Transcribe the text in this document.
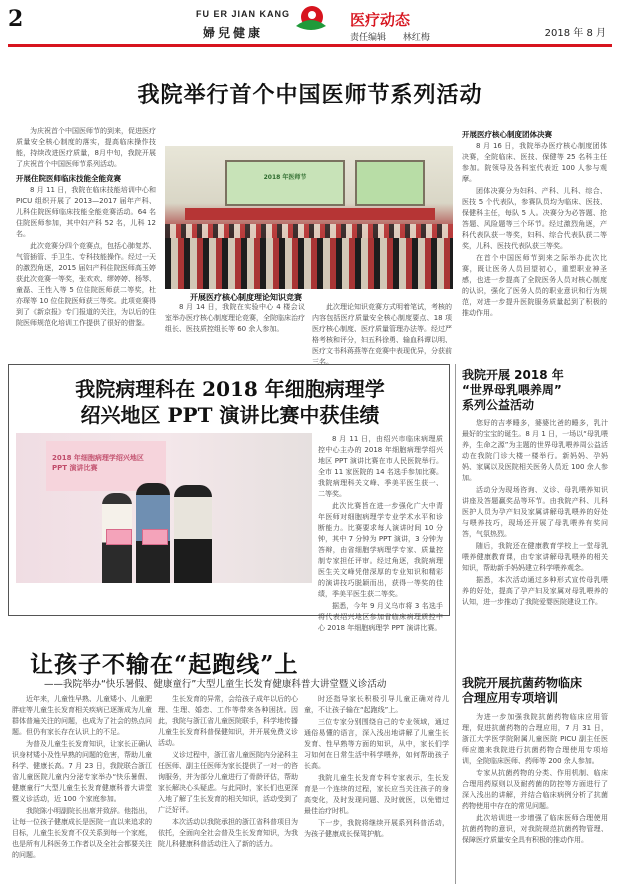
2	FU ER JIAN KANG
婦兒健康
医疗动态
责任编辑 林红梅	2018 年 8 月
我院举行首个中国医师节系列活动

为庆祝首个中国医师节的到来，促进医疗质量安全核心制度的落实，提高临床操作技能，持续改进医疗质量，8月中旬，我院开展了庆祝首个中国医师节系列活动。

开展住院医师临床技能全能竞赛

8 月 11 日，我院在临床技能培训中心和 PICU 组织开展了 2013—2017 届年产科、儿科住院医师临床技能全能竞赛活动。64 名住院医师参加，其中妇产科 52 名，儿科 12 名。

此次竞赛分四个竞赛点，包括心肺复苏、气管插管、手卫生、专科技能操作。经过一天的激烈角逐，2015 届妇产科住院医师高玉婷获此次竞赛一等奖，张欢欢、缪婷婷、杨琴、童磊、王性入等 5 位住院医师获二等奖，杜亦琛等 10 位住院医师获三等奖。此项竞赛得到了《新京报》专门报道的关注，为以后的住院医师规范化培训工作提供了很好的借鉴。

2018 年医师节
开展医疗核心制度理论知识竞赛

8 月 14 日，我院在实验中心 4 楼会议室举办医疗核心制度理论竞赛，全院临床治疗组长、医技质控组长等 60 余人参加。

此次理论知识竞赛方式明着笔试，考核的内容包括医疗质量安全核心制度要点、18 项医疗核心制度、医疗质量管理办法等。经过严格考核和评分，妇五科徐勇、输血科谭以明、医疗文书科蒋燕等在竞赛中表现优异，分获前三名。

开展医疗核心制度团体决赛

8 月 16 日，我院举办医疗核心制度团体决赛，全院临床、医技、保健等 25 名科主任参加。院领导及各科室代表近 100 人参与观摩。

团体决赛分为妇科、产科、儿科、综合、医技 5 个代表队，参赛队员均为临床、医技、保健科主任，每队 5 人。决赛分为必答题、抢答题、风险题等三个环节。经过激烈角逐，产科代表队获一等奖，妇科、综合代表队获二等奖，儿科、医技代表队获三等奖。

在首个中国医师节到来之际举办此次比赛，既让医务人员回望初心，重塑职业神圣感，也进一步提高了全院医务人员对核心制度的认识，强化了医务人员的职业意识和行为规范，对进一步提升医院服务质量起到了积极的推动作用。

我院病理科在 2018 年细胞病理学
绍兴地区 PPT 演讲比赛中获佳绩
2018 年细胞病理学绍兴地区 PPT 演讲比赛

8 月 11 日，由绍兴市临床病理质控中心主办的 2018 年细胞病理学绍兴地区 PPT 演讲比赛在市人民医院举行。全市 11 家医院的 14 名选手参加比赛。我院病理科关文峰、季美平医生获一、二等奖。

此次比赛旨在进一步强化广大中青年医师对细胞病理学专业学术水平和诊断能力。比赛要求每人演讲时间 10 分钟，其中 7 分钟为 PPT 演讲，3 分钟为答辩，由省细胞学病理学专家、质量控制专家担任评审。经过角逐，我院病理医生关文峰凭借深厚的专业知识和精彩的演讲技巧脱颖而出，获得一等奖的佳绩，季美平医生获二等奖。

据悉，今年 9 月义乌市将 3 名选手将代表绍兴地区参加省临床病理质控中心 2018 年细胞病理学 PPT 演讲比赛。

让孩子不输在“起跑线”上
——我院举办“快乐暑假、健康童行”大型儿童生长发育健康科普大讲堂暨义诊活动

近年来，儿童性早熟、儿童矮小、儿童肥胖症等儿童生长发育相关疾病已逐渐成为儿童群体普遍关注的问题，也成为了社会的热点问题。但仍有家长存在认识上的不足。

为普及儿童生长发育知识，让家长正确认识身材矮小及性早熟的问题的危害，帮助儿童科学、健康长高。7 月 23 日，我院联合浙江省儿童医院儿童内分泌专家举办“快乐暑假、健康童行”大型儿童生长发育健康科普大讲堂暨义诊活动，近 100 个家庭参加。

我院陈小明副院长出席并致辞。他指出，让每一位孩子健康成长是医院一直以来追求的目标，儿童生长发育不仅关系到每一个家庭，也是所有儿科医务工作者以及全社会都要关注的问题。

生长发育的异常，会给孩子成年以后的心理、生理、婚恋、工作等带来各种困扰。因此，我院与浙江省儿童医院联手，科学地传播儿童生长发育科普保健知识，并开展免费义诊活动。

义诊过程中，浙江省儿童医院内分泌科主任医师、副主任医师为家长提供了一对一的咨询服务，并为部分儿童进行了骨龄评估，帮助家长解决心头疑虑。与此同时，家长们也更深入地了解了生长发育的相关知识，活动受到了广泛好评。

本次活动以我院承担的浙江省科普项目为依托，全面向全社会普及生长发育知识，为我院儿科健康科普活动注入了新的活力。

时还指导家长积极引导儿童正确对待儿童，不让孩子输在“起跑线”上。

三位专家分别围绕自己的专业领域，通过通俗易懂的语言，深入浅出地讲解了儿童生长发育、性早熟等方面的知识，从中，家长们学习如何在日常生活中科学喂养，如何帮助孩子长高。

我院儿童生长发育专科专家表示，生长发育是一个连续的过程，家长应当关注孩子的身高变化，及时发现问题、及时就医，以免错过最佳治疗时机。

下一步，我院将继续开展系列科普活动，为孩子健康成长保驾护航。

我院开展 2018 年
“世界母乳喂养周”
系列公益活动

您好的吉孝睡多，婆婆比爸的睡多，乳汁最好的宝宝的诞生。8 月 1 日，一场以“母乳喂养，生命之源”为主题的世界母乳喂养周公益活动在我院门诊大楼一楼举行。新妈妈、孕妈妈、家属以及医院相关医务人员近 100 余人参加。

活动分为现场咨询、义诊、母乳喂养知识讲座及答题赢奖品等环节。由我院产科、儿科医护人员为孕产妇及家属讲解母乳喂养的好处与喂养技巧，现场还开展了母乳喂养有奖问答，气氛热烈。

随后，我院还在健康教育学校上一堂母乳喂养健康教育课，由专家讲解母乳喂养的相关知识，帮助新手妈妈建立科学喂养观念。

据悉，本次活动通过多种形式宣传母乳喂养的好处，提高了孕产妇及家属对母乳喂养的认知，进一步推动了我院爱婴医院建设工作。

我院开展抗菌药物临床
合理应用专项培训

为进一步加强我院抗菌药物临床应用管理，促进抗菌药物的合理应用，7 月 31 日，浙江大学医学院附属儿童医院 PICU 副主任医师应邀来我院进行抗菌药物合理使用专项培训，全院临床医师、药师等 200 余人参加。

专家从抗菌药物的分类、作用机制、临床合理用药原则以及耐药菌的防控等方面进行了深入浅出的讲解，并结合临床病例分析了抗菌药物使用中存在的常见问题。

此次培训进一步增强了临床医师合理使用抗菌药物的意识，对我院规范抗菌药物管理、保障医疗质量安全具有积极的推动作用。
